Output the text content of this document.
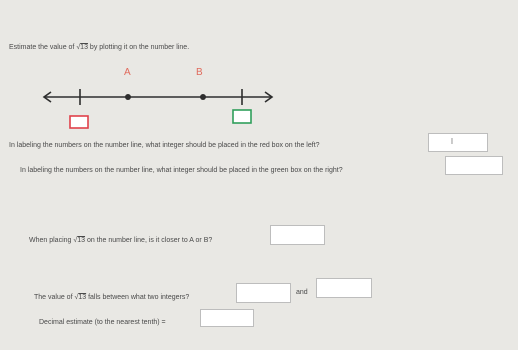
Estimate the value of √13 by plotting it on the number line.
A	B
In labeling the numbers on the number line, what integer should be placed in the red box on the left?	I
In labeling the numbers on the number line, what integer should be placed in the green box on the right?
When placing √13 on the number line, is it closer to A or B?
The value of √13 falls between what two integers?
and
Decimal estimate (to the nearest tenth) =
